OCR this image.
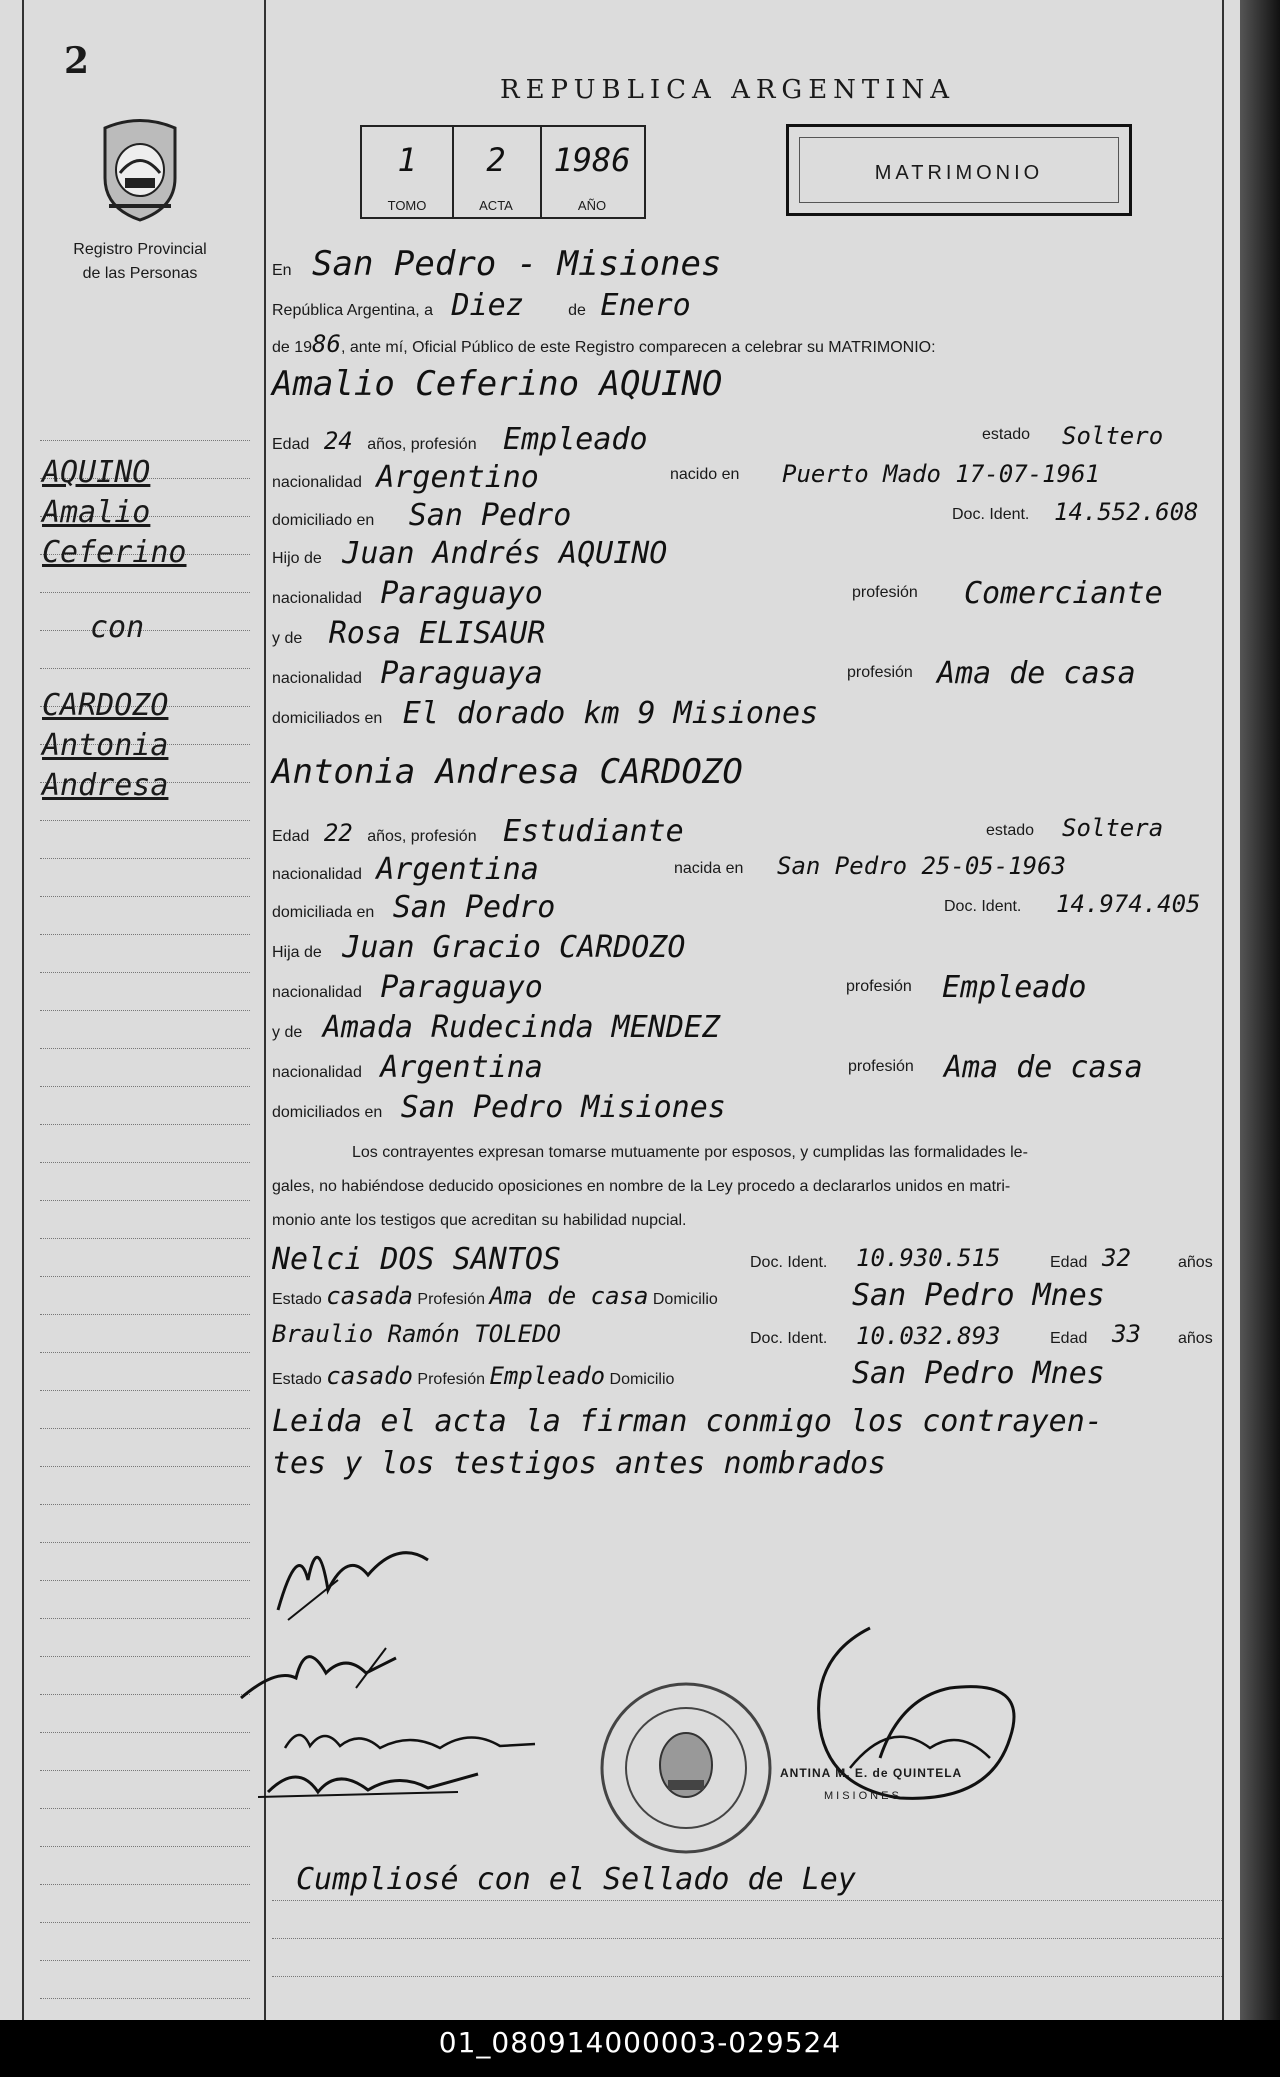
2
Registro Provincial
de las Personas
REPUBLICA ARGENTINA
1
TOMO
2
ACTA
1986
AÑO
MATRIMONIO
En San Pedro - Misiones
República Argentina, a Diez	de Enero
de 1986, ante mí, Oficial Público de este Registro comparecen a celebrar su MATRIMONIO:
Amalio Ceferino AQUINO
Edad 24 años, profesión Empleado	estado Soltero
nacionalidad Argentino	nacido en Puerto Mado 17-07-1961
domiciliado en San Pedro	Doc. Ident. 14.552.608
Hijo de Juan Andrés AQUINO
nacionalidad Paraguayo	profesión Comerciante
y de Rosa ELISAUR
nacionalidad Paraguaya	profesión Ama de casa
domiciliados en El dorado km 9 Misiones
Antonia Andresa CARDOZO
Edad 22 años, profesión Estudiante	estado Soltera
nacionalidad Argentina	nacida en San Pedro 25-05-1963
domiciliada en San Pedro	Doc. Ident. 14.974.405
Hija de Juan Gracio CARDOZO
nacionalidad Paraguayo	profesión Empleado
y de Amada Rudecinda MENDEZ
nacionalidad Argentina	profesión Ama de casa
domiciliados en San Pedro Misiones
AQUINO
Amalio
Ceferino
con
CARDOZO
Antonia
Andresa
Los contrayentes expresan tomarse mutuamente por esposos, y cumplidas las formalidades le-
gales, no habiéndose deducido oposiciones en nombre de la Ley procedo a declararlos unidos en matri-
monio ante los testigos que acreditan su habilidad nupcial.
Nelci DOS SANTOS	Doc. Ident. 10.930.515	Edad 32	años
Estado casada Profesión Ama de casa Domicilio	San Pedro Mnes
Braulio Ramón TOLEDO	Doc. Ident. 10.032.893	Edad 33 años
Estado casado Profesión Empleado Domicilio	San Pedro Mnes
Leida el acta la firman conmigo los contrayen-
tes y los testigos antes nombrados
ANTINA M. E. de QUINTELA
MISIONES
Cumpliosé con el Sellado de Ley
01_080914000003-029524
